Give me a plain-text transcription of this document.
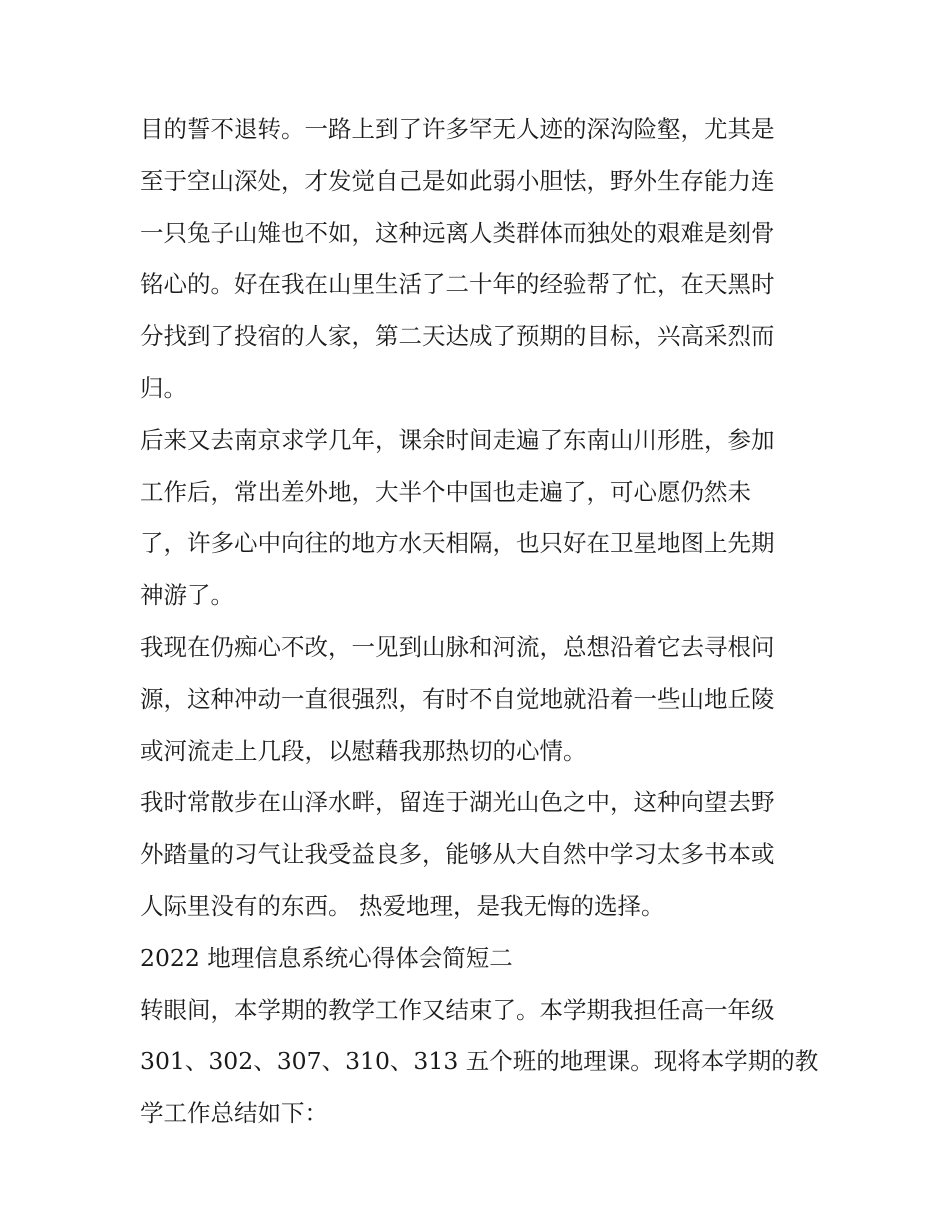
目的誓不退转。一路上到了许多罕无人迹的深沟险壑，尤其是
至于空山深处，才发觉自己是如此弱小胆怯，野外生存能力连
一只兔子山雉也不如，这种远离人类群体而独处的艰难是刻骨
铭心的。好在我在山里生活了二十年的经验帮了忙，在天黑时
分找到了投宿的人家，第二天达成了预期的目标，兴高采烈而
归。
后来又去南京求学几年，课余时间走遍了东南山川形胜，参加
工作后，常出差外地，大半个中国也走遍了，可心愿仍然未
了，许多心中向往的地方水天相隔，也只好在卫星地图上先期
神游了。
我现在仍痴心不改，一见到山脉和河流，总想沿着它去寻根问
源，这种冲动一直很强烈，有时不自觉地就沿着一些山地丘陵
或河流走上几段，以慰藉我那热切的心情。
我时常散步在山泽水畔，留连于湖光山色之中，这种向望去野
外踏量的习气让我受益良多，能够从大自然中学习太多书本或
人际里没有的东西。 热爱地理，是我无悔的选择。
2022 地理信息系统心得体会简短二
转眼间，本学期的教学工作又结束了。本学期我担任高一年级
301、302、307、310、313 五个班的地理课。现将本学期的教
学工作总结如下：
